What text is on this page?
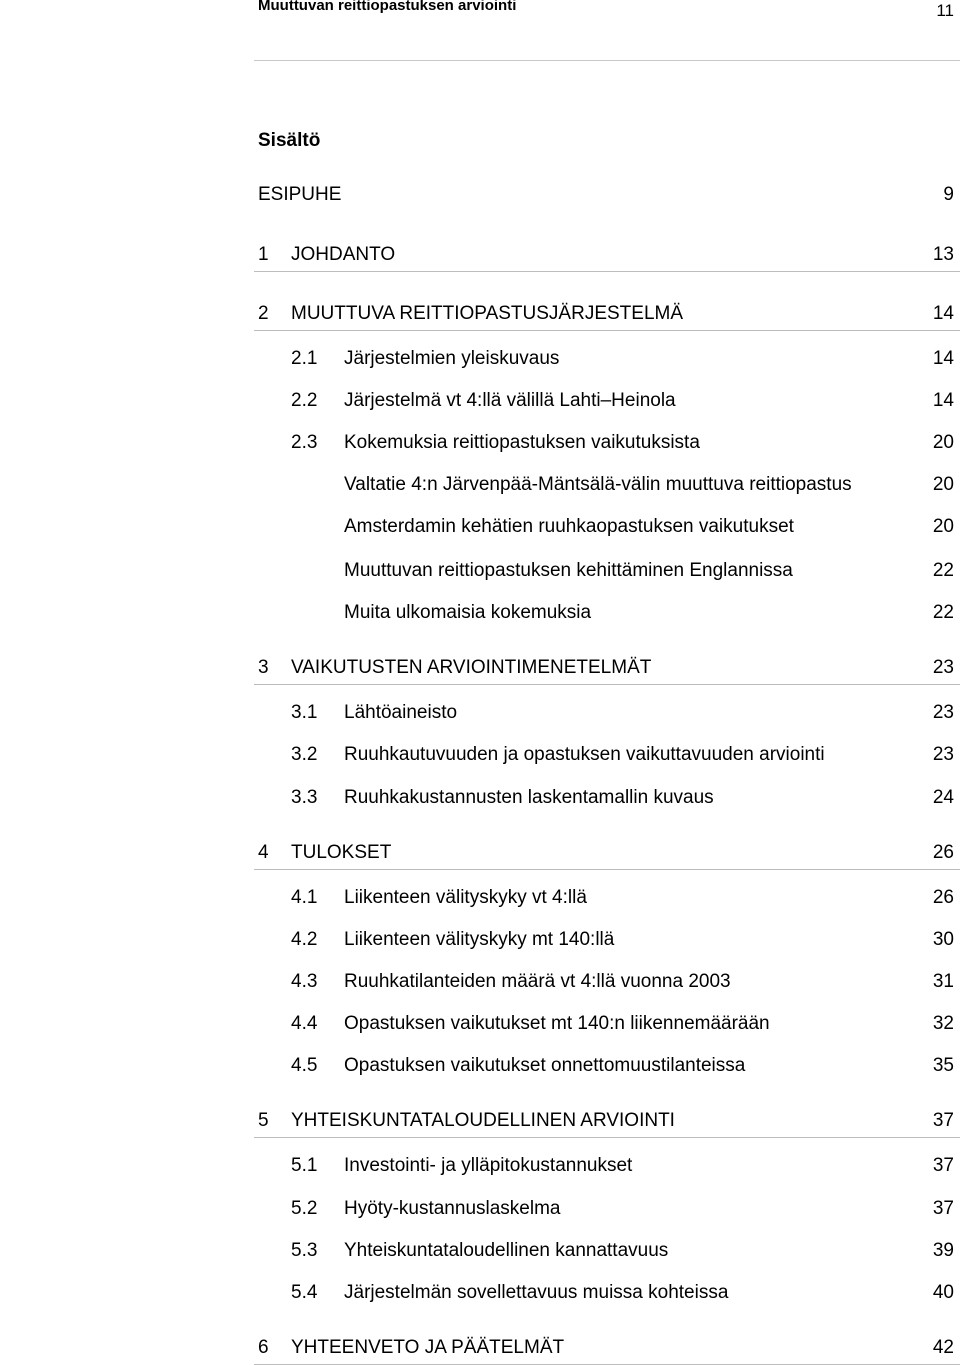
Muuttuvan reittiopastuksen arviointi	11
Sisältö
ESIPUHE	9
1 JOHDANTO	13
2 MUUTTUVA REITTIOPASTUSJÄRJESTELMÄ	14
2.1 Järjestelmien yleiskuvaus	14
2.2 Järjestelmä vt 4:llä välillä Lahti–Heinola	14
2.3 Kokemuksia reittiopastuksen vaikutuksista	20
Valtatie 4:n Järvenpää-Mäntsälä-välin muuttuva reittiopastus	20
Amsterdamin kehätien ruuhkaopastuksen vaikutukset	20
Muuttuvan reittiopastuksen kehittäminen Englannissa	22
Muita ulkomaisia kokemuksia	22
3 VAIKUTUSTEN ARVIOINTIMENETELMÄT	23
3.1 Lähtöaineisto	23
3.2 Ruuhkautuvuuden ja opastuksen vaikuttavuuden arviointi	23
3.3 Ruuhkakustannusten laskentamallin kuvaus	24
4 TULOKSET	26
4.1 Liikenteen välityskyky vt 4:llä	26
4.2 Liikenteen välityskyky mt 140:llä	30
4.3 Ruuhkatilanteiden määrä vt 4:llä vuonna 2003	31
4.4 Opastuksen vaikutukset mt 140:n liikennemäärään	32
4.5 Opastuksen vaikutukset onnettomuustilanteissa	35
5 YHTEISKUNTATALOUDELLINEN ARVIOINTI	37
5.1 Investointi- ja ylläpitokustannukset	37
5.2 Hyöty-kustannuslaskelma	37
5.3 Yhteiskuntataloudellinen kannattavuus	39
5.4 Järjestelmän sovellettavuus muissa kohteissa	40
6 YHTEENVETO JA PÄÄTELMÄT	42
